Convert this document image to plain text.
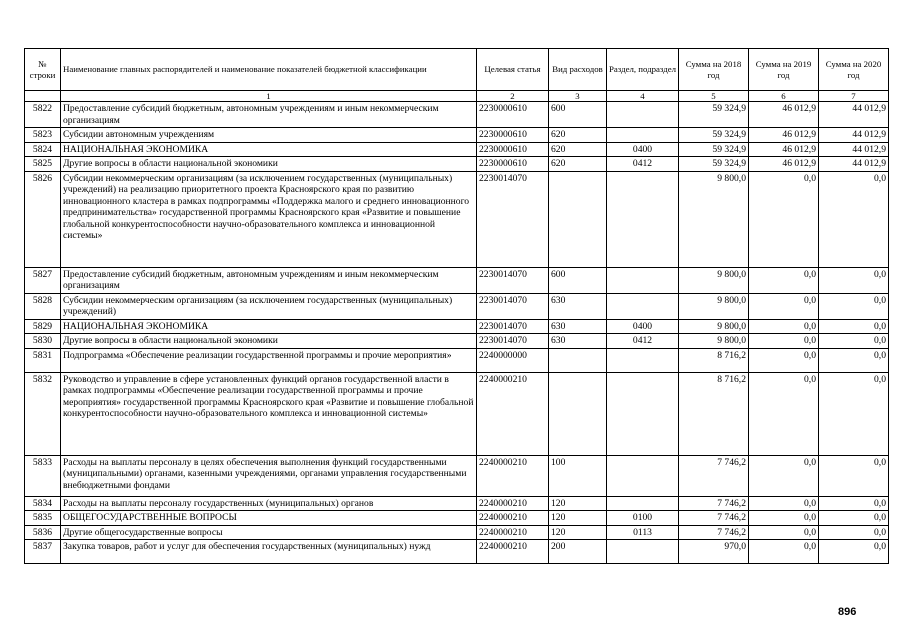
№ строки	Наименование главных распорядителей и наименование показателей бюджетной классификации	Целевая статья	Вид расходов	Раздел, подраздел	Сумма на 2018 год	Сумма на 2019 год	Сумма на 2020 год
	1	2	3	4	5	6	7
5822	Предоставление субсидий бюджетным, автономным учреждениям и иным некоммерческим организациям	2230000610	600		59 324,9	46 012,9	44 012,9
5823	Субсидии автономным учреждениям	2230000610	620		59 324,9	46 012,9	44 012,9
5824	НАЦИОНАЛЬНАЯ ЭКОНОМИКА	2230000610	620	0400	59 324,9	46 012,9	44 012,9
5825	Другие вопросы в области национальной экономики	2230000610	620	0412	59 324,9	46 012,9	44 012,9
5826	Субсидии некоммерческим организациям (за исключением государственных (муниципальных) учреждений) на реализацию приоритетного проекта Красноярского края по развитию инновационного кластера в рамках подпрограммы «Поддержка малого и среднего инновационного предпринимательства» государственной программы Красноярского края «Развитие и повышение глобальной конкурентоспособности научно-образовательного комплекса и инновационной системы»	2230014070			9 800,0	0,0	0,0
5827	Предоставление субсидий бюджетным, автономным учреждениям и иным некоммерческим организациям	2230014070	600		9 800,0	0,0	0,0
5828	Субсидии некоммерческим организациям (за исключением государственных (муниципальных) учреждений)	2230014070	630		9 800,0	0,0	0,0
5829	НАЦИОНАЛЬНАЯ ЭКОНОМИКА	2230014070	630	0400	9 800,0	0,0	0,0
5830	Другие вопросы в области национальной экономики	2230014070	630	0412	9 800,0	0,0	0,0
5831	Подпрограмма «Обеспечение реализации государственной программы и прочие мероприятия»	2240000000			8 716,2	0,0	0,0
5832	Руководство и управление в сфере установленных функций органов государственной власти в рамках подпрограммы «Обеспечение реализации государственной программы и прочие мероприятия» государственной программы Красноярского края «Развитие и повышение глобальной конкурентоспособности научно-образовательного комплекса и инновационной системы»	2240000210			8 716,2	0,0	0,0
5833	Расходы на выплаты персоналу в целях обеспечения выполнения функций государственными (муниципальными) органами, казенными учреждениями, органами управления государственными внебюджетными фондами	2240000210	100		7 746,2	0,0	0,0
5834	Расходы на выплаты персоналу государственных (муниципальных) органов	2240000210	120		7 746,2	0,0	0,0
5835	ОБЩЕГОСУДАРСТВЕННЫЕ ВОПРОСЫ	2240000210	120	0100	7 746,2	0,0	0,0
5836	Другие общегосударственные вопросы	2240000210	120	0113	7 746,2	0,0	0,0
5837	Закупка товаров, работ и услуг для обеспечения государственных (муниципальных) нужд	2240000210	200		970,0	0,0	0,0
896
